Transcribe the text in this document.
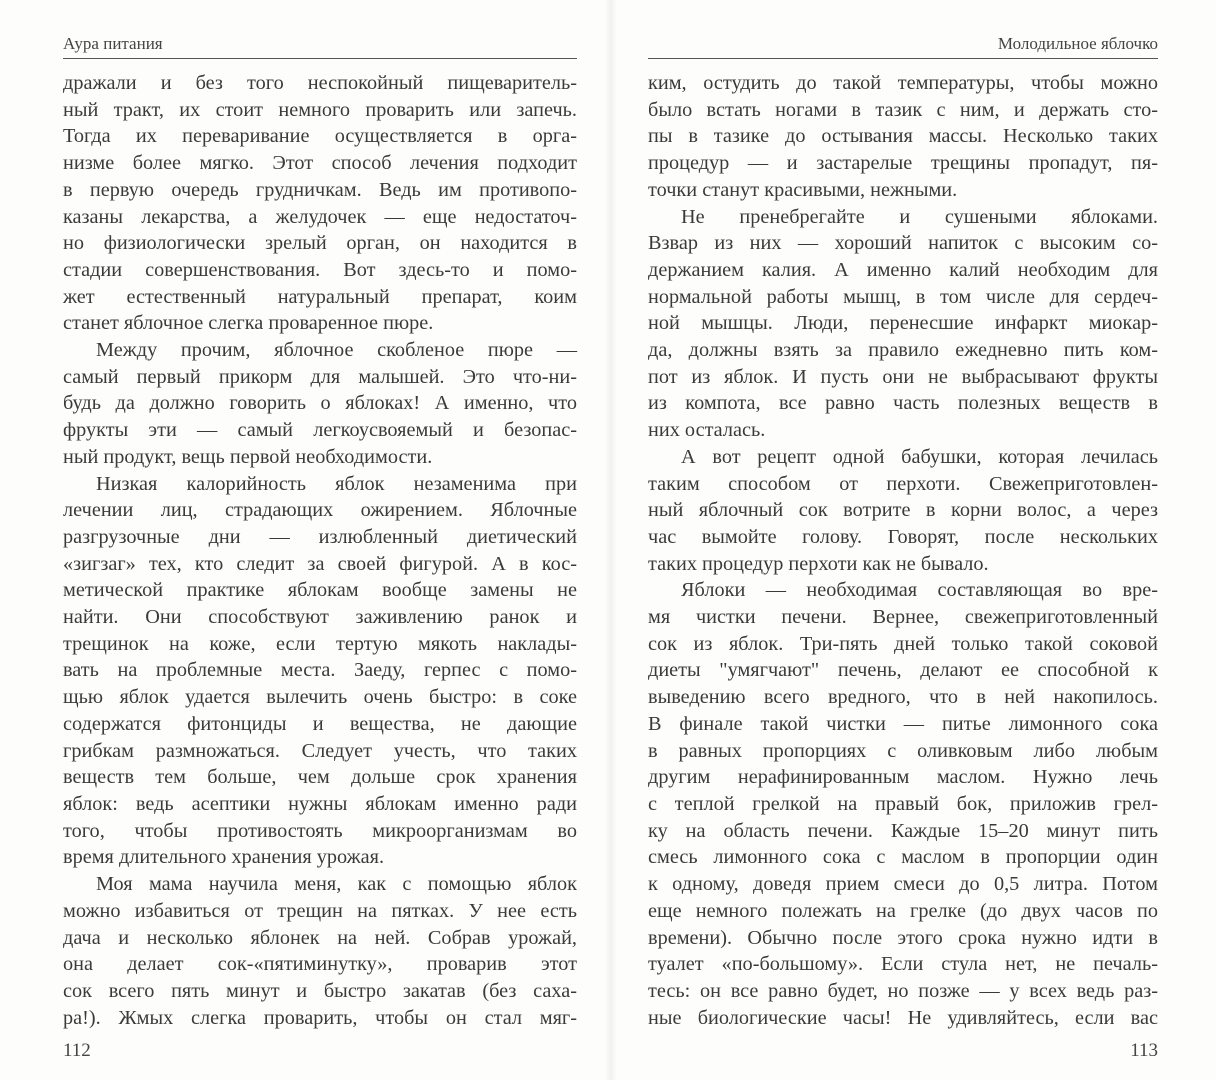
Аура питания
дражали и без того неспокойный пищеваритель-
ный тракт, их стоит немного проварить или запечь.
Тогда их переваривание осуществляется в орга-
низме более мягко. Этот способ лечения подходит
в первую очередь грудничкам. Ведь им противопо-
казаны лекарства, а желудочек — еще недостаточ-
но физиологически зрелый орган, он находится в
стадии совершенствования. Вот здесь-то и помо-
жет естественный натуральный препарат, коим
станет яблочное слегка проваренное пюре.
Между прочим, яблочное скобленое пюре —
самый первый прикорм для малышей. Это что-ни-
будь да должно говорить о яблоках! А именно, что
фрукты эти — самый легкоусвояемый и безопас-
ный продукт, вещь первой необходимости.
Низкая калорийность яблок незаменима при
лечении лиц, страдающих ожирением. Яблочные
разгрузочные дни — излюбленный диетический
«зигзаг» тех, кто следит за своей фигурой. А в кос-
метической практике яблокам вообще замены не
найти. Они способствуют заживлению ранок и
трещинок на коже, если тертую мякоть наклады-
вать на проблемные места. Заеду, герпес с помо-
щью яблок удается вылечить очень быстро: в соке
содержатся фитонциды и вещества, не дающие
грибкам размножаться. Следует учесть, что таких
веществ тем больше, чем дольше срок хранения
яблок: ведь асептики нужны яблокам именно ради
того, чтобы противостоять микроорганизмам во
время длительного хранения урожая.
Моя мама научила меня, как с помощью яблок
можно избавиться от трещин на пятках. У нее есть
дача и несколько яблонек на ней. Собрав урожай,
она делает сок-«пятиминутку», проварив этот
сок всего пять минут и быстро закатав (без саха-
ра!). Жмых слегка проварить, чтобы он стал мяг-
112
Молодильное яблочко
ким, остудить до такой температуры, чтобы можно
было встать ногами в тазик с ним, и держать сто-
пы в тазике до остывания массы. Несколько таких
процедур — и застарелые трещины пропадут, пя-
точки станут красивыми, нежными.
Не пренебрегайте и сушеными яблоками.
Взвар из них — хороший напиток с высоким со-
держанием калия. А именно калий необходим для
нормальной работы мышц, в том числе для сердеч-
ной мышцы. Люди, перенесшие инфаркт миокар-
да, должны взять за правило ежедневно пить ком-
пот из яблок. И пусть они не выбрасывают фрукты
из компота, все равно часть полезных веществ в
них осталась.
А вот рецепт одной бабушки, которая лечилась
таким способом от перхоти. Свежеприготовлен-
ный яблочный сок вотрите в корни волос, а через
час вымойте голову. Говорят, после нескольких
таких процедур перхоти как не бывало.
Яблоки — необходимая составляющая во вре-
мя чистки печени. Вернее, свежеприготовленный
сок из яблок. Три-пять дней только такой соковой
диеты "умягчают" печень, делают ее способной к
выведению всего вредного, что в ней накопилось.
В финале такой чистки — питье лимонного сока
в равных пропорциях с оливковым либо любым
другим нерафинированным маслом. Нужно лечь
с теплой грелкой на правый бок, приложив грел-
ку на область печени. Каждые 15–20 минут пить
смесь лимонного сока с маслом в пропорции один
к одному, доведя прием смеси до 0,5 литра. Потом
еще немного полежать на грелке (до двух часов по
времени). Обычно после этого срока нужно идти в
туалет «по-большому». Если стула нет, не печаль-
тесь: он все равно будет, но позже — у всех ведь раз-
ные биологические часы! Не удивляйтесь, если вас
113
